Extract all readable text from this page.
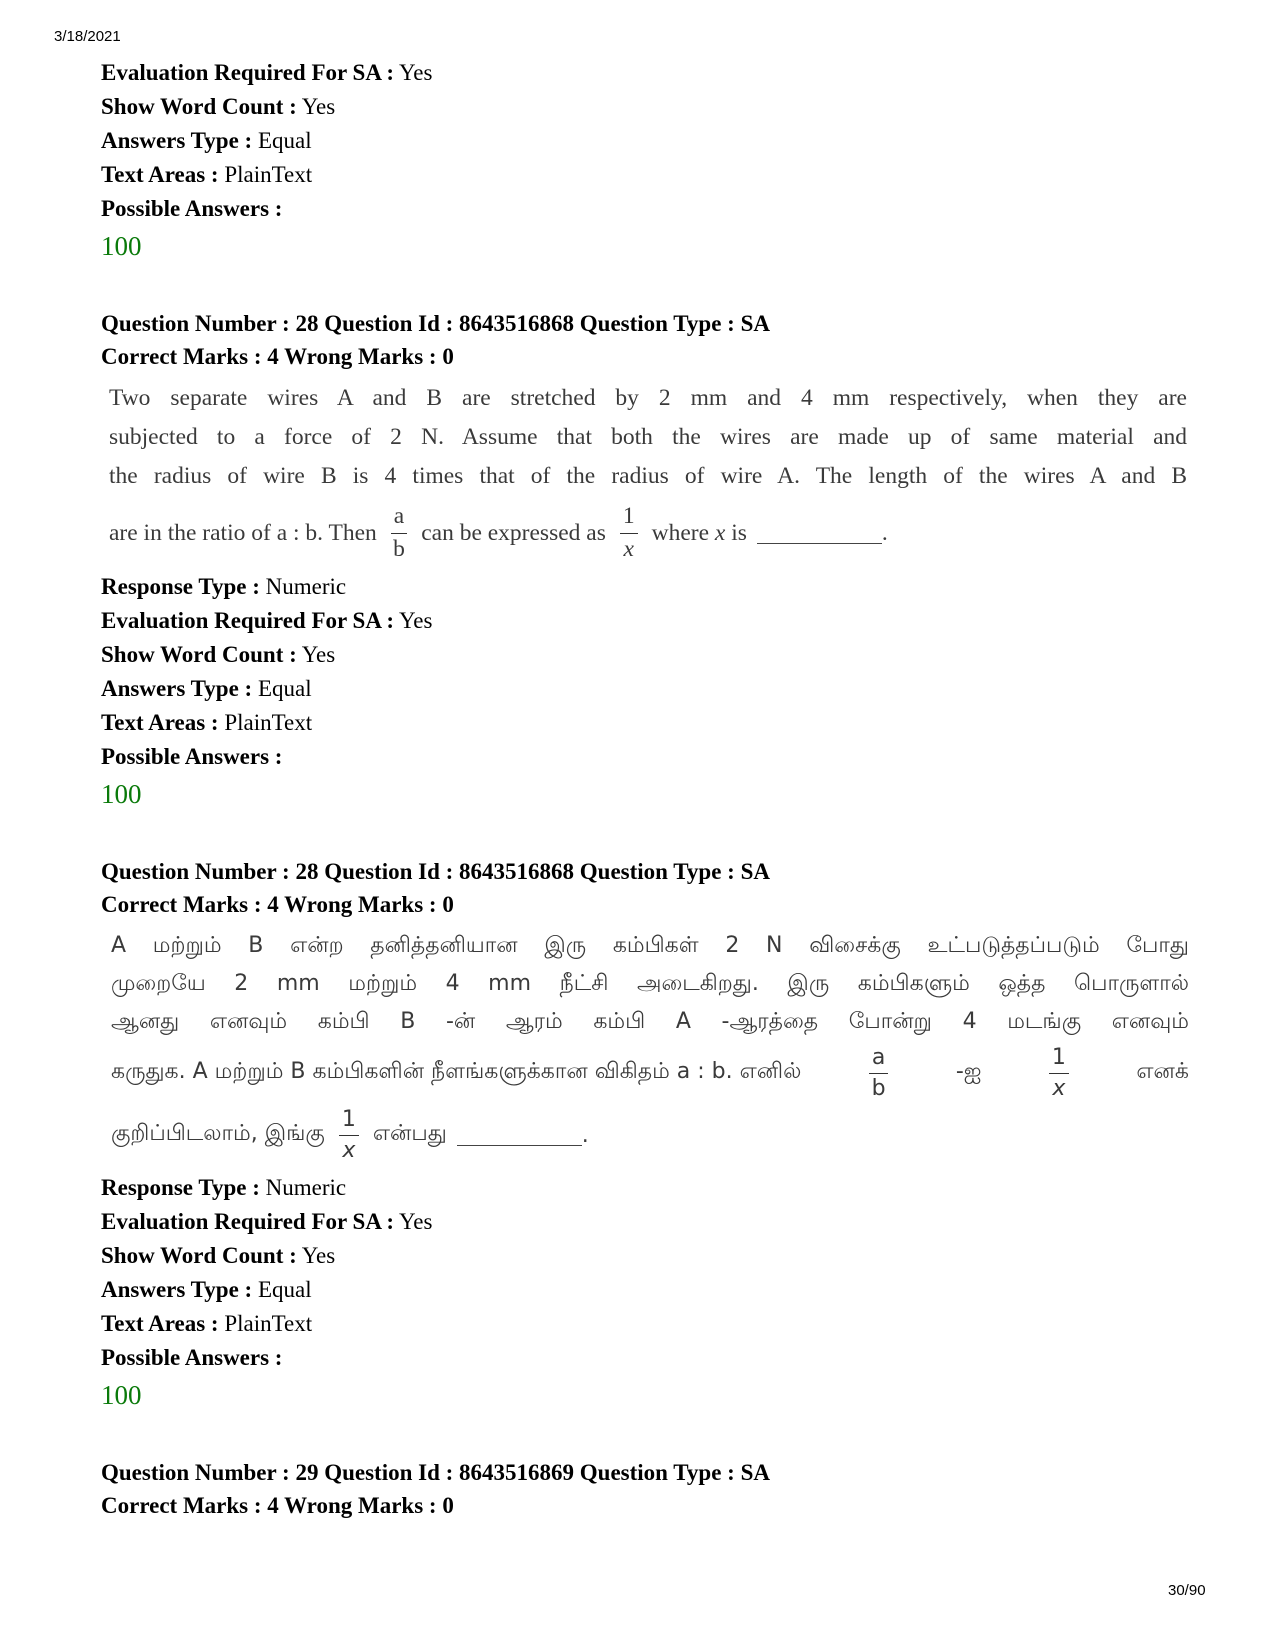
3/18/2021
Evaluation Required For SA : Yes
Show Word Count : Yes
Answers Type : Equal
Text Areas : PlainText
Possible Answers :
100
Question Number : 28 Question Id : 8643516868 Question Type : SA
Correct Marks : 4 Wrong Marks : 0
Two separate wires A and B are stretched by 2 mm and 4 mm respectively, when they are
subjected to a force of 2 N. Assume that both the wires are made up of same material and
the radius of wire B is 4 times that of the radius of wire A. The length of the wires A and B
are in the ratio of a : b. Then $\frac{a}{b}$ can be expressed as $\frac{1}{x}$ where
x
is	.
Response Type : Numeric
Evaluation Required For SA : Yes
Show Word Count : Yes
Answers Type : Equal
Text Areas : PlainText
Possible Answers :
100
Question Number : 28 Question Id : 8643516868 Question Type : SA
Correct Marks : 4 Wrong Marks : 0
A மற்றும் B என்ற தனித்தனியான இரு கம்பிகள் 2 N விசைக்கு உட்படுத்தப்படும் போது
முறையே 2 mm மற்றும் 4 mm நீட்சி அடைகிறது. இரு கம்பிகளும் ஒத்த பொருளால்
ஆனது எனவும் கம்பி B -ன் ஆரம் கம்பி A -ஆரத்தை போன்று 4 மடங்கு எனவும்
கருதுக. A மற்றும் B கம்பிகளின் நீளங்களுக்கான விகிதம் a : b. எனில்	$\frac{a}{b}$	-ஐ	$\frac{1}{x}$	எனக்
குறிப்பிடலாம், இங்கு $\frac{1}{x}$ என்பது	.
Response Type : Numeric
Evaluation Required For SA : Yes
Show Word Count : Yes
Answers Type : Equal
Text Areas : PlainText
Possible Answers :
100
Question Number : 29 Question Id : 8643516869 Question Type : SA
Correct Marks : 4 Wrong Marks : 0
30/90
